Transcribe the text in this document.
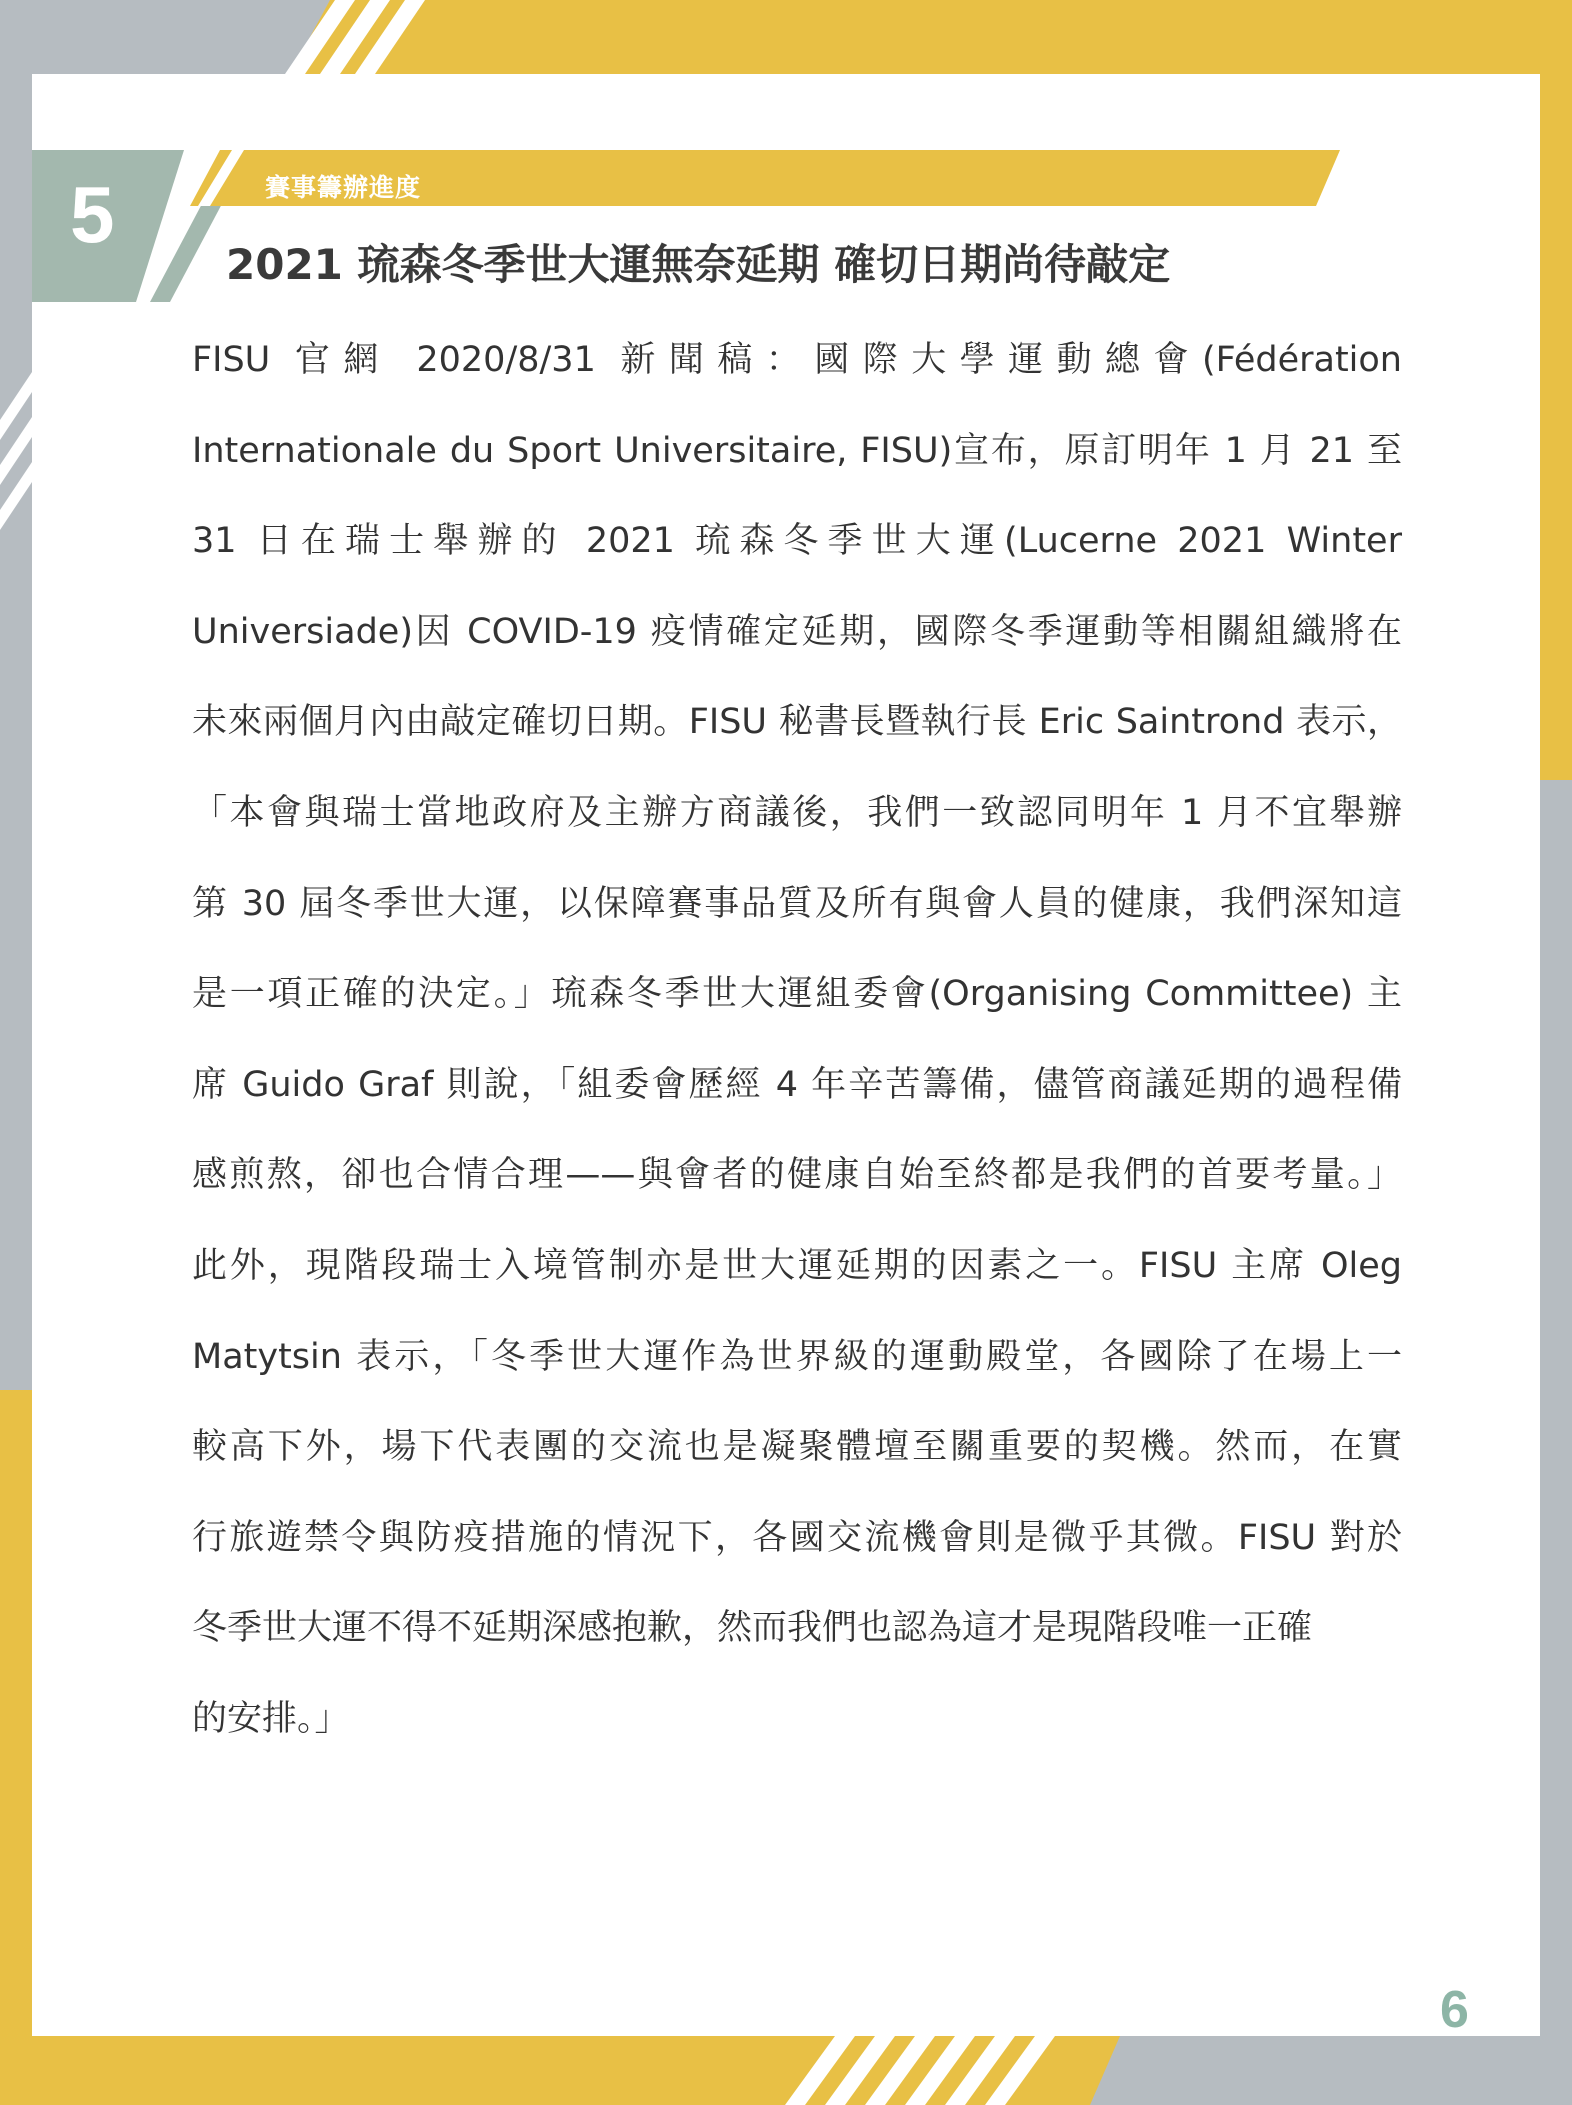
5	賽事籌辦進度
2021 琉森冬季世大運無奈延期 確切日期尚待敲定
FISU 官網 2020/8/31 新聞稿：國際大學運動總會(Fédération
Internationale du Sport Universitaire, FISU)宣布，原訂明年 1 月 21 至
31 日在瑞士舉辦的 2021 琉森冬季世大運(Lucerne 2021 Winter
Universiade)因 COVID-19 疫情確定延期，國際冬季運動等相關組織將在
未來兩個月內由敲定確切日期。FISU 秘書長暨執行長 Eric Saintrond 表示，
「本會與瑞士當地政府及主辦方商議後，我們一致認同明年 1 月不宜舉辦
第 30 屆冬季世大運，以保障賽事品質及所有與會人員的健康，我們深知這
是一項正確的決定。」琉森冬季世大運組委會(Organising Committee) 主
席 Guido Graf 則說，「組委會歷經 4 年辛苦籌備，儘管商議延期的過程備
感煎熬，卻也合情合理——與會者的健康自始至終都是我們的首要考量。」
此外，現階段瑞士入境管制亦是世大運延期的因素之一。FISU 主席 Oleg
Matytsin 表示，「冬季世大運作為世界級的運動殿堂，各國除了在場上一
較高下外，場下代表團的交流也是凝聚體壇至關重要的契機。然而，在實
行旅遊禁令與防疫措施的情況下，各國交流機會則是微乎其微。FISU 對於
冬季世大運不得不延期深感抱歉，然而我們也認為這才是現階段唯一正確
的安排。」
6
